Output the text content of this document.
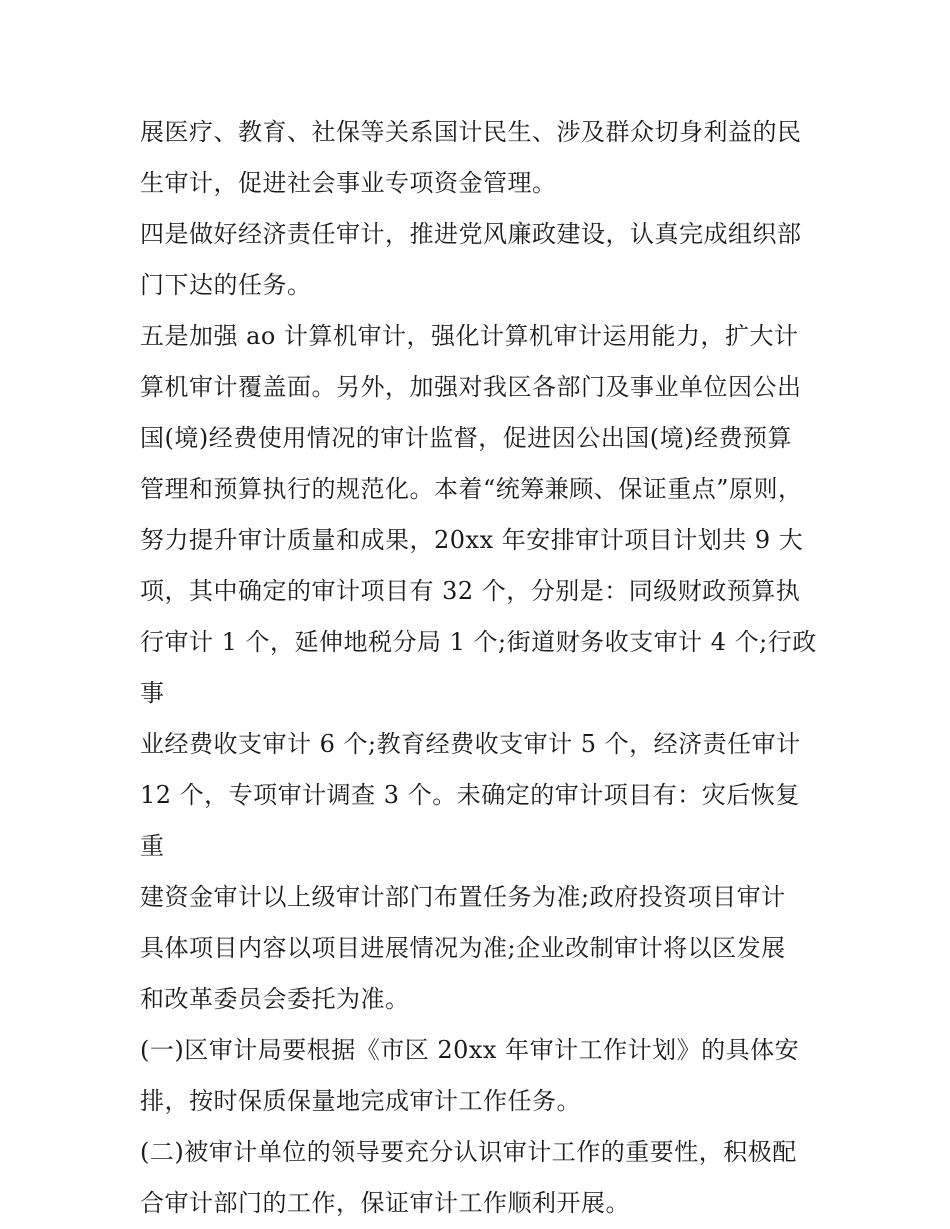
展医疗、教育、社保等关系国计民生、涉及群众切身利益的民
生审计，促进社会事业专项资金管理。

四是做好经济责任审计，推进党风廉政建设，认真完成组织部
门下达的任务。

五是加强 ao 计算机审计，强化计算机审计运用能力，扩大计
算机审计覆盖面。另外，加强对我区各部门及事业单位因公出
国(境)经费使用情况的审计监督，促进因公出国(境)经费预算
管理和预算执行的规范化。本着“统筹兼顾、保证重点”原则，
努力提升审计质量和成果，20xx 年安排审计项目计划共 9 大
项，其中确定的审计项目有 32 个，分别是：同级财政预算执
行审计 1 个，延伸地税分局 1 个;街道财务收支审计 4 个;行政事
业经费收支审计 6 个;教育经费收支审计 5 个，经济责任审计
12 个，专项审计调查 3 个。未确定的审计项目有：灾后恢复重
建资金审计以上级审计部门布置任务为准;政府投资项目审计
具体项目内容以项目进展情况为准;企业改制审计将以区发展
和改革委员会委托为准。

(一)区审计局要根据《市区 20xx 年审计工作计划》的具体安
排，按时保质保量地完成审计工作任务。

(二)被审计单位的领导要充分认识审计工作的重要性，积极配
合审计部门的工作，保证审计工作顺利开展。
